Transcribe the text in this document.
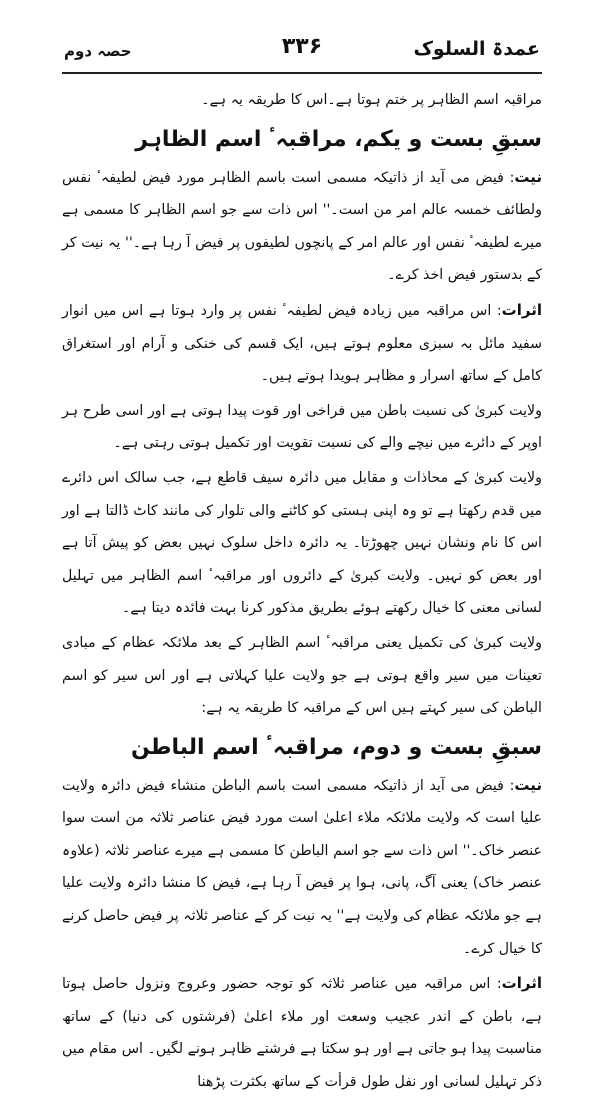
عمدۃ السلوک
۳۳۶
حصہ دوم

مراقبہ اسم الظاہر پر ختم ہوتا ہے۔اس کا طریقہ یہ ہے۔

سبقِ بست و یکم، مراقبہٴ اسم الظاہر

نیت: فیض می آید از ذاتیکہ مسمی است باسم الظاہر مورد فیض لطیفہٴ نفس ولطائف خمسہ عالم امر من است۔'' اس ذات سے جو اسم الظاہر کا مسمی ہے میرے لطیفہٴ نفس اور عالم امر کے پانچوں لطیفوں پر فیض آ رہا ہے۔'' یہ نیت کر کے بدستور فیض اخذ کرے۔

اثرات: اس مراقبہ میں زیادہ فیض لطیفہٴ نفس پر وارد ہوتا ہے اس میں انوار سفید مائل بہ سبزی معلوم ہوتے ہیں، ایک قسم کی خنکی و آرام اور استغراق کامل کے ساتھ اسرار و مظاہر ہویدا ہوتے ہیں۔

ولایت کبریٰ کی نسبت باطن میں فراخی اور قوت پیدا ہوتی ہے اور اسی طرح ہر اوپر کے دائرے میں نیچے والے کی نسبت تقویت اور تکمیل ہوتی رہتی ہے۔

ولایت کبریٰ کے محاذات و مقابل میں دائرہ سیف قاطع ہے، جب سالک اس دائرے میں قدم رکھتا ہے تو وہ اپنی ہستی کو کاٹنے والی تلوار کی مانند کاٹ ڈالتا ہے اور اس کا نام ونشان نہیں چھوڑتا۔ یہ دائرہ داخل سلوک نہیں بعض کو پیش آتا ہے اور بعض کو نہیں۔ ولایت کبریٰ کے دائروں اور مراقبہٴ اسم الظاہر میں تہلیل لسانی معنی کا خیال رکھتے ہوئے بطریق مذکور کرنا بہت فائدہ دیتا ہے۔

ولایت کبریٰ کی تکمیل یعنی مراقبہٴ اسم الظاہر کے بعد ملائکہ عظام کے مبادی تعینات میں سیر واقع ہوتی ہے جو ولایت علیا کہلاتی ہے اور اس سیر کو اسم الباطن کی سیر کہتے ہیں اس کے مراقبہ کا طریقہ یہ ہے:

سبقِ بست و دوم، مراقبہٴ اسم الباطن

نیت: فیض می آید از ذاتیکہ مسمی است باسم الباطن منشاء فیض دائرہ ولایت علیا است کہ ولایت ملائکہ ملاء اعلیٰ است مورد فیض عناصر ثلاثہ من است سوا عنصر خاک۔'' اس ذات سے جو اسم الباطن کا مسمی ہے میرے عناصر ثلاثہ (علاوہ عنصر خاک) یعنی آگ، پانی، ہوا پر فیض آ رہا ہے، فیض کا منشا دائرہ ولایت علیا ہے جو ملائکہ عظام کی ولایت ہے'' یہ نیت کر کے عناصر ثلاثہ پر فیض حاصل کرنے کا خیال کرے۔

اثرات: اس مراقبہ میں عناصر ثلاثہ کو توجہ حضور وعروج ونزول حاصل ہوتا ہے، باطن کے اندر عجیب وسعت اور ملاء اعلیٰ (فرشتوں کی دنیا) کے ساتھ مناسبت پیدا ہو جاتی ہے اور ہو سکتا ہے فرشتے ظاہر ہونے لگیں۔ اس مقام میں ذکر تہلیل لسانی اور نفل طول قرأت کے ساتھ بکثرت پڑھنا
